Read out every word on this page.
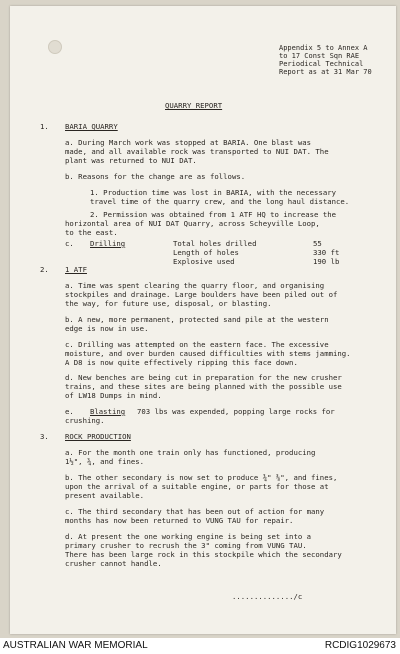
Appendix 5 to Annex A
to 17 Const Sqn RAE
Periodical Technical
Report as at 31 Mar 70
QUARRY REPORT
1. BARIA QUARRY
a. During March work was stopped at BARIA. One blast was
made, and all available rock was transported to NUI DAT. The
plant was returned to NUI DAT.
b. Reasons for the change are as follows.
1. Production time was lost in BARIA, with the necessary
travel time of the quarry crew, and the long haul distance.
2. Permission was obtained from 1 ATF HQ to increase the
horizontal area of NUI DAT Quarry, across Scheyville Loop,
to the east.
c. Drilling	Total holes drilled	55
Length of holes	330 ft
Explosive used	190 lb
2. 1 ATF
a. Time was spent clearing the quarry floor, and organising
stockpiles and drainage. Large boulders have been piled out of
the way, for future use, disposal, or blasting.
b. A new, more permanent, protected sand pile at the western
edge is now in use.
c. Drilling was attempted on the eastern face. The excessive
moisture, and over burden caused difficulties with stems jamming.
A D8 is now quite effectively ripping this face down.
d. New benches are being cut in preparation for the new crusher
trains, and these sites are being planned with the possible use
of LW18 Dumps in mind.
e. Blasting 703 lbs was expended, popping large rocks for
crushing.
3. ROCK PRODUCTION
a. For the month one train only has functioned, producing
1½", ¾, and fines.
b. The other secondary is now set to produce ¾" ⅜", and fines,
upon the arrival of a suitable engine, or parts for those at
present available.
c. The third secondary that has been out of action for many
months has now been returned to VUNG TAU for repair.
d. At present the one working engine is being set into a
primary crusher to recrush the 3" coming from VUNG TAU.
There has been large rock in this stockpile which the secondary
crusher cannot handle.
............../c
AUSTRALIAN WAR MEMORIAL	RCDIG1029673
